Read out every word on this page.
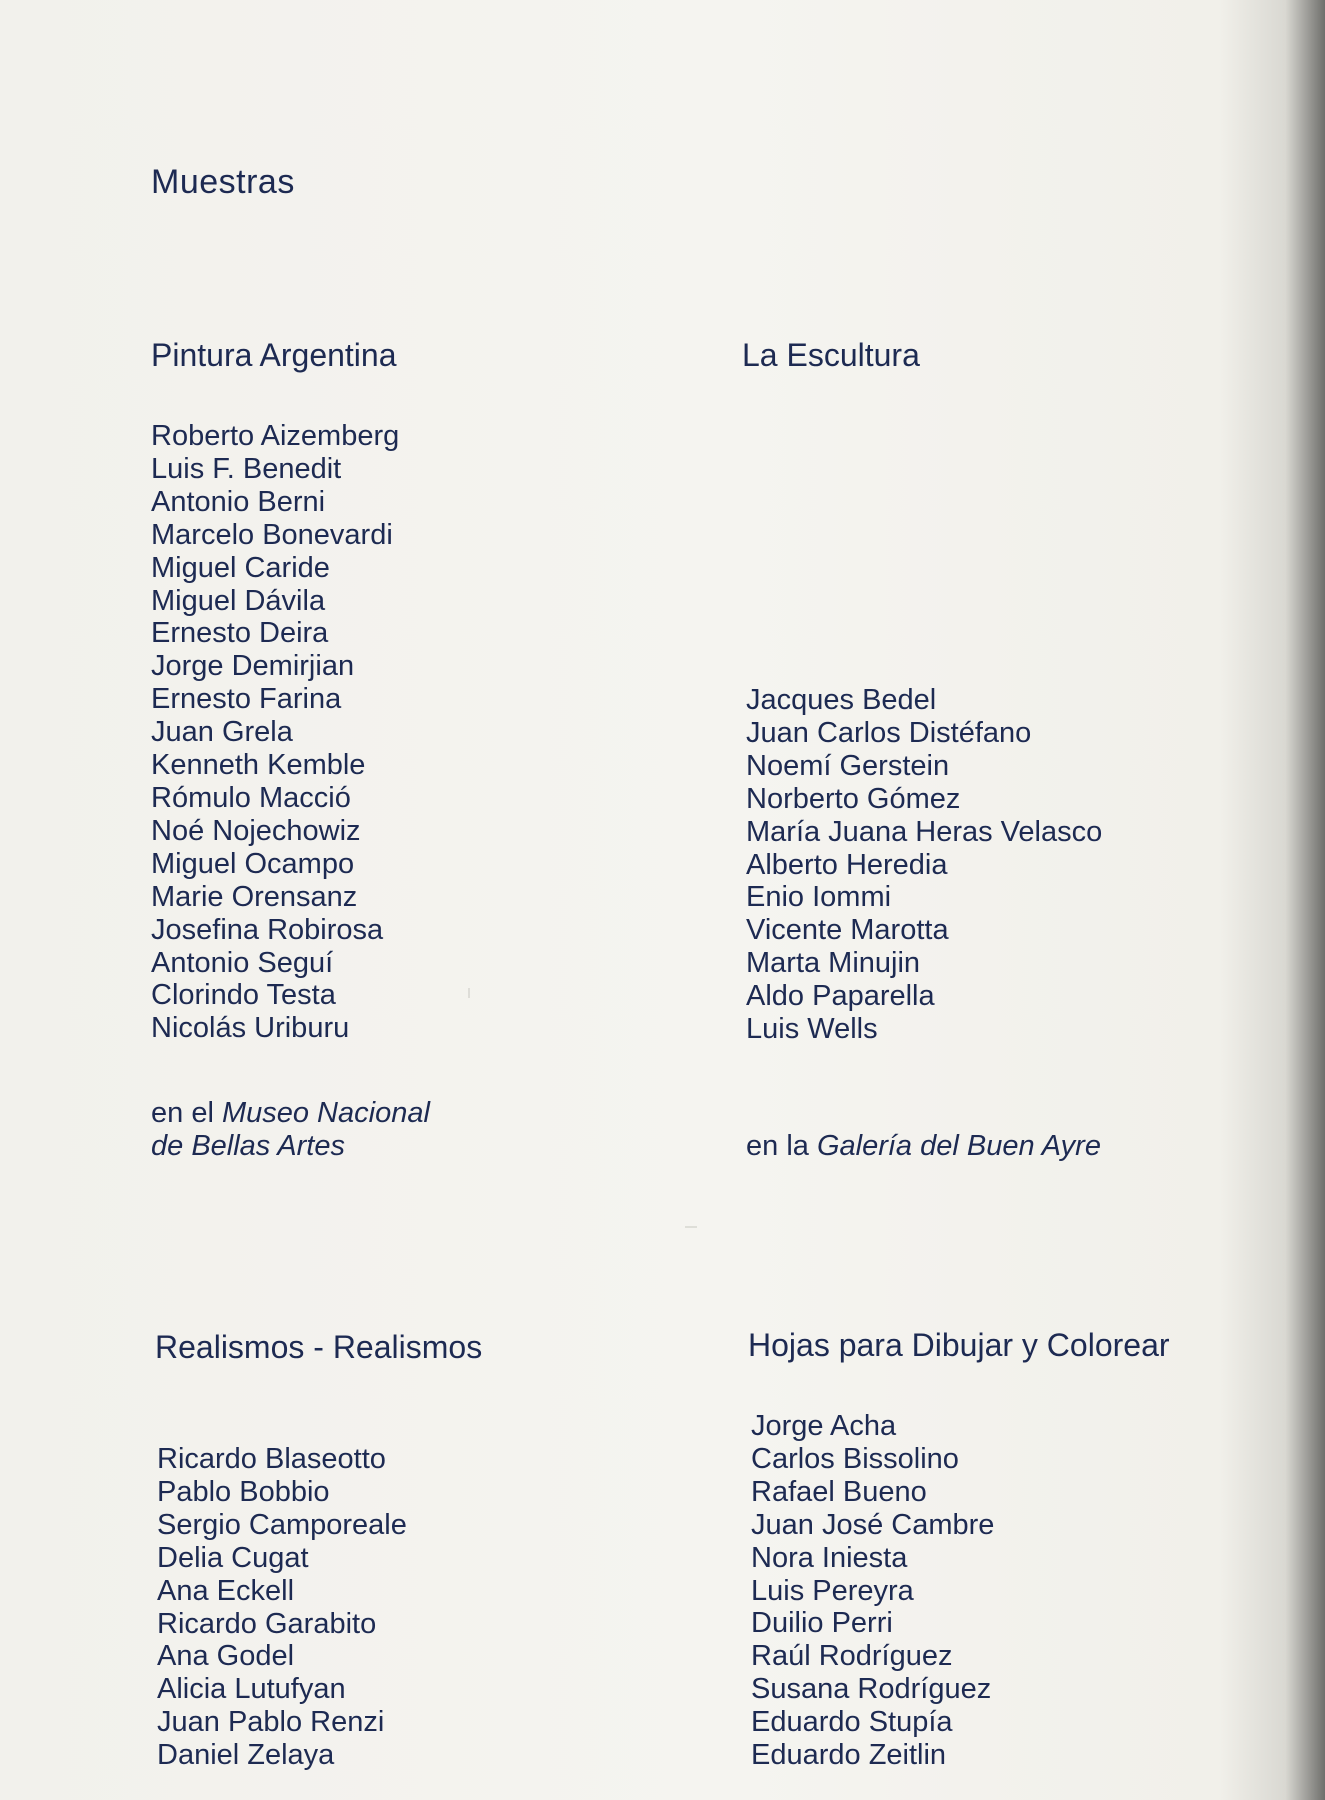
Muestras
Pintura Argentina
Roberto Aizemberg
Luis F. Benedit
Antonio Berni
Marcelo Bonevardi
Miguel Caride
Miguel Dávila
Ernesto Deira
Jorge Demirjian
Ernesto Farina
Juan Grela
Kenneth Kemble
Rómulo Macció
Noé Nojechowiz
Miguel Ocampo
Marie Orensanz
Josefina Robirosa
Antonio Seguí
Clorindo Testa
Nicolás Uriburu

en el Museo Nacional
de Bellas Artes

La Escultura
Jacques Bedel
Juan Carlos Distéfano
Noemí Gerstein
Norberto Gómez
María Juana Heras Velasco
Alberto Heredia
Enio Iommi
Vicente Marotta
Marta Minujin
Aldo Paparella
Luis Wells

en la Galería del Buen Ayre

Realismos - Realismos
Ricardo Blaseotto
Pablo Bobbio
Sergio Camporeale
Delia Cugat
Ana Eckell
Ricardo Garabito
Ana Godel
Alicia Lutufyan
Juan Pablo Renzi
Daniel Zelaya
Hojas para Dibujar y Colorear
Jorge Acha
Carlos Bissolino
Rafael Bueno
Juan José Cambre
Nora Iniesta
Luis Pereyra
Duilio Perri
Raúl Rodríguez
Susana Rodríguez
Eduardo Stupía
Eduardo Zeitlin
